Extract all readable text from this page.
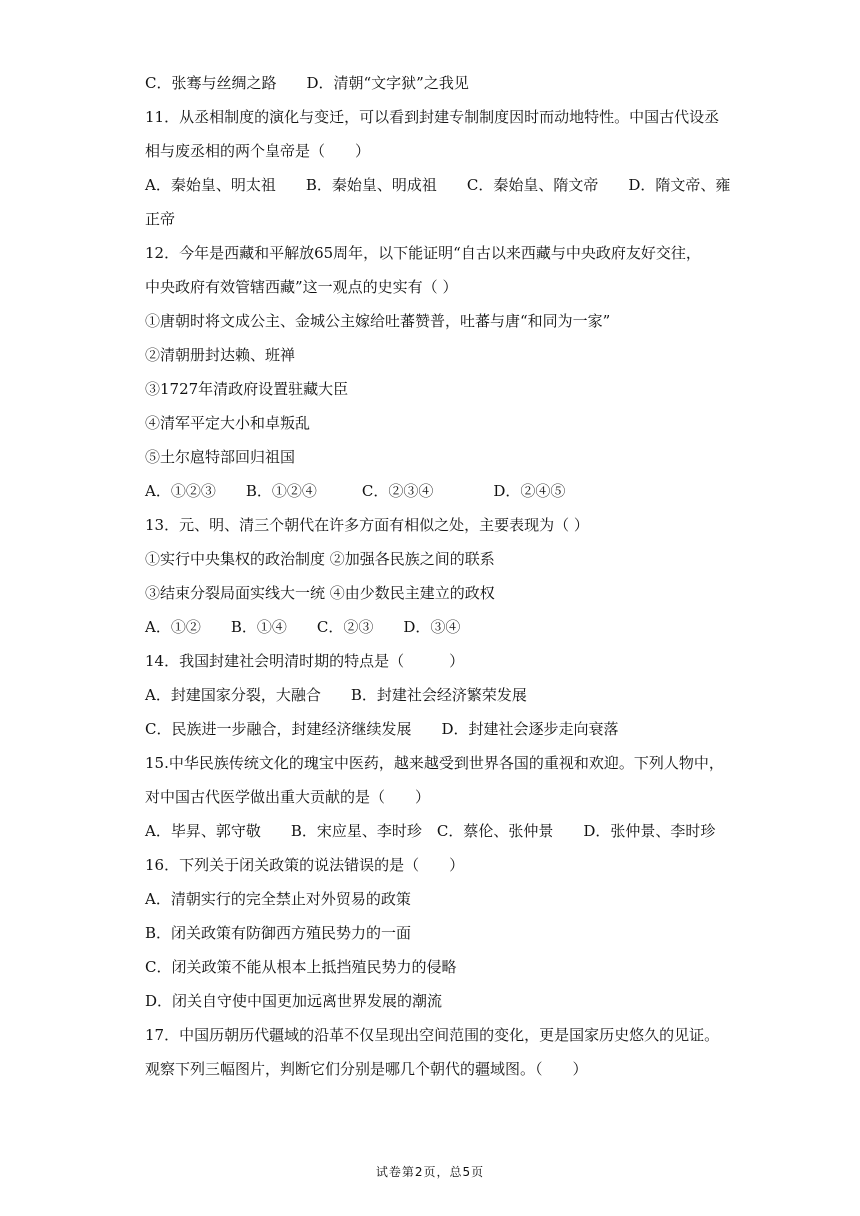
C．张骞与丝绸之路　　D．清朝“文字狱”之我见
11．从丞相制度的演化与变迁，可以看到封建专制制度因时而动地特性。中国古代设丞
相与废丞相的两个皇帝是（　　）
A．秦始皇、明太祖　　B．秦始皇、明成祖　　C．秦始皇、隋文帝　　D．隋文帝、雍
正帝
12．今年是西藏和平解放65周年，以下能证明“自古以来西藏与中央政府友好交往，
中央政府有效管辖西藏”这一观点的史实有（ ）
①唐朝时将文成公主、金城公主嫁给吐蕃赞普，吐蕃与唐“和同为一家”
②清朝册封达赖、班禅
③1727年清政府设置驻藏大臣
④清军平定大小和卓叛乱
⑤土尔扈特部回归祖国
A．①②③　　B．①②④　　　C．②③④　　　　D．②④⑤
13．元、明、清三个朝代在许多方面有相似之处，主要表现为（ ）
①实行中央集权的政治制度 ②加强各民族之间的联系
③结束分裂局面实线大一统 ④由少数民主建立的政权
A．①②　　B．①④　　C．②③　　D．③④
14．我国封建社会明清时期的特点是（　　　）
A．封建国家分裂，大融合　　B．封建社会经济繁荣发展
C．民族进一步融合，封建经济继续发展　　D．封建社会逐步走向衰落
15.中华民族传统文化的瑰宝中医药，越来越受到世界各国的重视和欢迎。下列人物中，
对中国古代医学做出重大贡献的是（　　）
A．毕昇、郭守敬　　B．宋应星、李时珍　C．蔡伦、张仲景　　D．张仲景、李时珍
16．下列关于闭关政策的说法错误的是（　　）
A．清朝实行的完全禁止对外贸易的政策
B．闭关政策有防御西方殖民势力的一面
C．闭关政策不能从根本上抵挡殖民势力的侵略
D．闭关自守使中国更加远离世界发展的潮流
17．中国历朝历代疆域的沿革不仅呈现出空间范围的变化，更是国家历史悠久的见证。
观察下列三幅图片，判断它们分别是哪几个朝代的疆域图。（　　）
试卷第2页，总5页
